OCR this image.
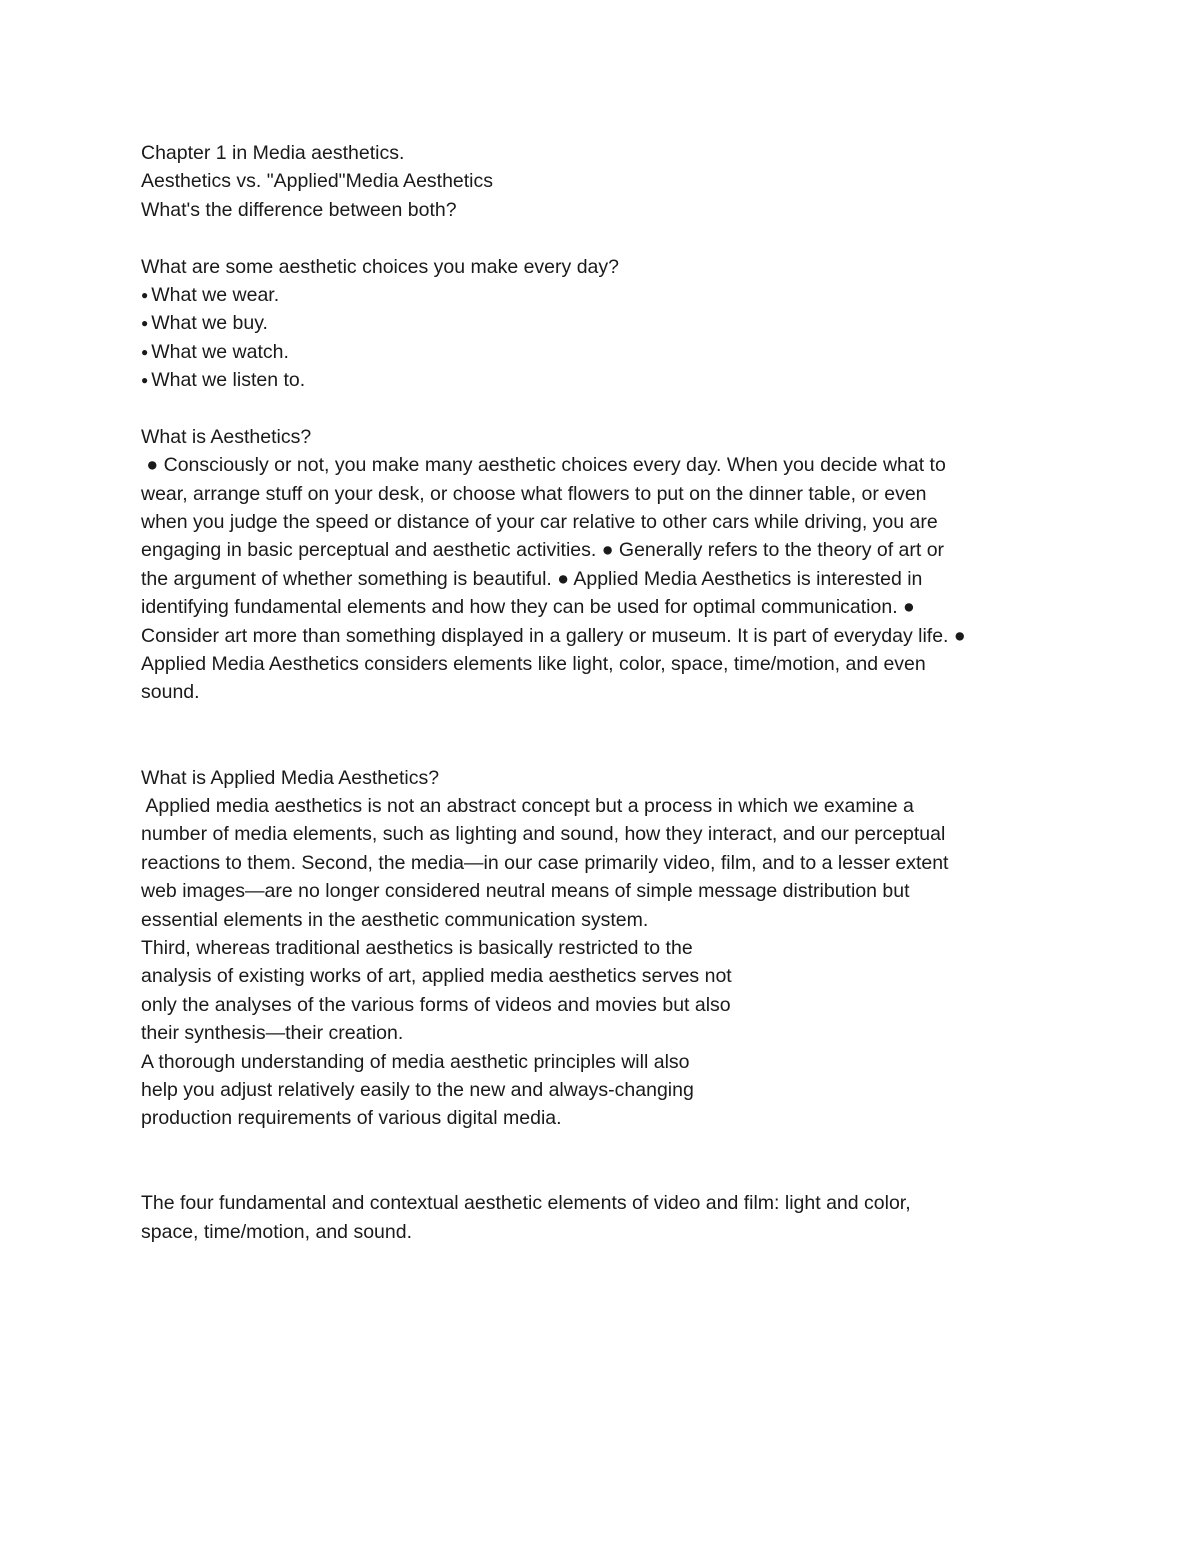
Chapter 1 in Media aesthetics.
Aesthetics vs. "Applied"Media Aesthetics
What's the difference between both?
What are some aesthetic choices you make every day?
● What we wear.
● What we buy.
● What we watch.
● What we listen to.
What is Aesthetics?
● Consciously or not, you make many aesthetic choices every day. When you decide what to
wear, arrange stuff on your desk, or choose what flowers to put on the dinner table, or even
when you judge the speed or distance of your car relative to other cars while driving, you are
engaging in basic perceptual and aesthetic activities. ● Generally refers to the theory of art or
the argument of whether something is beautiful. ● Applied Media Aesthetics is interested in
identifying fundamental elements and how they can be used for optimal communication. ●
Consider art more than something displayed in a gallery or museum. It is part of everyday life. ●
Applied Media Aesthetics considers elements like light, color, space, time/motion, and even
sound.
What is Applied Media Aesthetics?
Applied media aesthetics is not an abstract concept but a process in which we examine a
number of media elements, such as lighting and sound, how they interact, and our perceptual
reactions to them. Second, the media—in our case primarily video, film, and to a lesser extent
web images—are no longer considered neutral means of simple message distribution but
essential elements in the aesthetic communication system.
Third, whereas traditional aesthetics is basically restricted to the
analysis of existing works of art, applied media aesthetics serves not
only the analyses of the various forms of videos and movies but also
their synthesis—their creation.
A thorough understanding of media aesthetic principles will also
help you adjust relatively easily to the new and always-changing
production requirements of various digital media.
The four fundamental and contextual aesthetic elements of video and film: light and color,
space, time/motion, and sound.
